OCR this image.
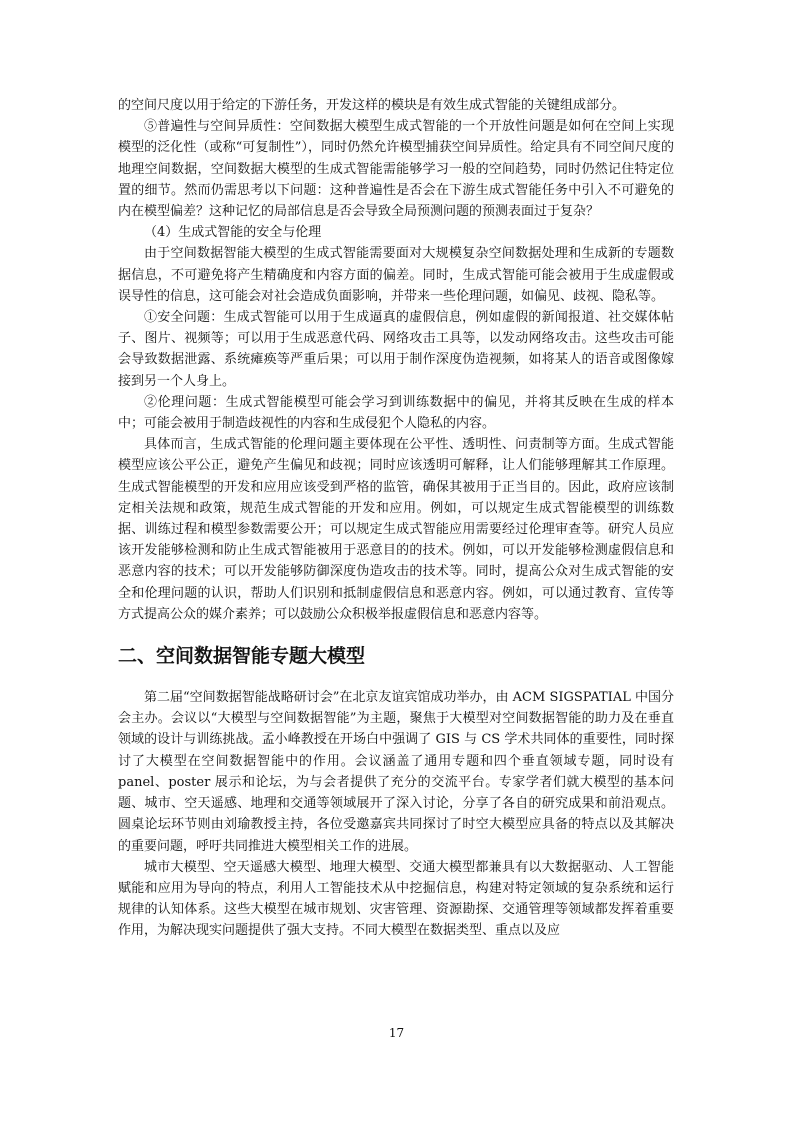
的空间尺度以用于给定的下游任务，开发这样的模块是有效生成式智能的关键组成部分。

⑤普遍性与空间异质性：空间数据大模型生成式智能的一个开放性问题是如何在空间上实现模型的泛化性（或称“可复制性”），同时仍然允许模型捕获空间异质性。给定具有不同空间尺度的地理空间数据，空间数据大模型的生成式智能需能够学习一般的空间趋势，同时仍然记住特定位置的细节。然而仍需思考以下问题：这种普遍性是否会在下游生成式智能任务中引入不可避免的内在模型偏差？这种记忆的局部信息是否会导致全局预测问题的预测表面过于复杂？

（4）生成式智能的安全与伦理

由于空间数据智能大模型的生成式智能需要面对大规模复杂空间数据处理和生成新的专题数据信息，不可避免将产生精确度和内容方面的偏差。同时，生成式智能可能会被用于生成虚假或误导性的信息，这可能会对社会造成负面影响，并带来一些伦理问题，如偏见、歧视、隐私等。

①安全问题：生成式智能可以用于生成逼真的虚假信息，例如虚假的新闻报道、社交媒体帖子、图片、视频等；可以用于生成恶意代码、网络攻击工具等，以发动网络攻击。这些攻击可能会导致数据泄露、系统瘫痪等严重后果；可以用于制作深度伪造视频，如将某人的语音或图像嫁接到另一个人身上。

②伦理问题：生成式智能模型可能会学习到训练数据中的偏见，并将其反映在生成的样本中；可能会被用于制造歧视性的内容和生成侵犯个人隐私的内容。

具体而言，生成式智能的伦理问题主要体现在公平性、透明性、问责制等方面。生成式智能模型应该公平公正，避免产生偏见和歧视；同时应该透明可解释，让人们能够理解其工作原理。生成式智能模型的开发和应用应该受到严格的监管，确保其被用于正当目的。因此，政府应该制定相关法规和政策，规范生成式智能的开发和应用。例如，可以规定生成式智能模型的训练数据、训练过程和模型参数需要公开；可以规定生成式智能应用需要经过伦理审查等。研究人员应该开发能够检测和防止生成式智能被用于恶意目的的技术。例如，可以开发能够检测虚假信息和恶意内容的技术；可以开发能够防御深度伪造攻击的技术等。同时，提高公众对生成式智能的安全和伦理问题的认识，帮助人们识别和抵制虚假信息和恶意内容。例如，可以通过教育、宣传等方式提高公众的媒介素养；可以鼓励公众积极举报虚假信息和恶意内容等。

二、空间数据智能专题大模型

第二届“空间数据智能战略研讨会”在北京友谊宾馆成功举办，由 ACM SIGSPATIAL 中国分会主办。会议以“大模型与空间数据智能”为主题，聚焦于大模型对空间数据智能的助力及在垂直领域的设计与训练挑战。孟小峰教授在开场白中强调了 GIS 与 CS 学术共同体的重要性，同时探讨了大模型在空间数据智能中的作用。会议涵盖了通用专题和四个垂直领域专题，同时设有 panel、poster 展示和论坛，为与会者提供了充分的交流平台。专家学者们就大模型的基本问题、城市、空天遥感、地理和交通等领域展开了深入讨论，分享了各自的研究成果和前沿观点。圆桌论坛环节则由刘瑜教授主持，各位受邀嘉宾共同探讨了时空大模型应具备的特点以及其解决的重要问题，呼吁共同推进大模型相关工作的进展。

城市大模型、空天遥感大模型、地理大模型、交通大模型都兼具有以大数据驱动、人工智能赋能和应用为导向的特点，利用人工智能技术从中挖掘信息，构建对特定领域的复杂系统和运行规律的认知体系。这些大模型在城市规划、灾害管理、资源勘探、交通管理等领域都发挥着重要作用，为解决现实问题提供了强大支持。不同大模型在数据类型、重点以及应

17
